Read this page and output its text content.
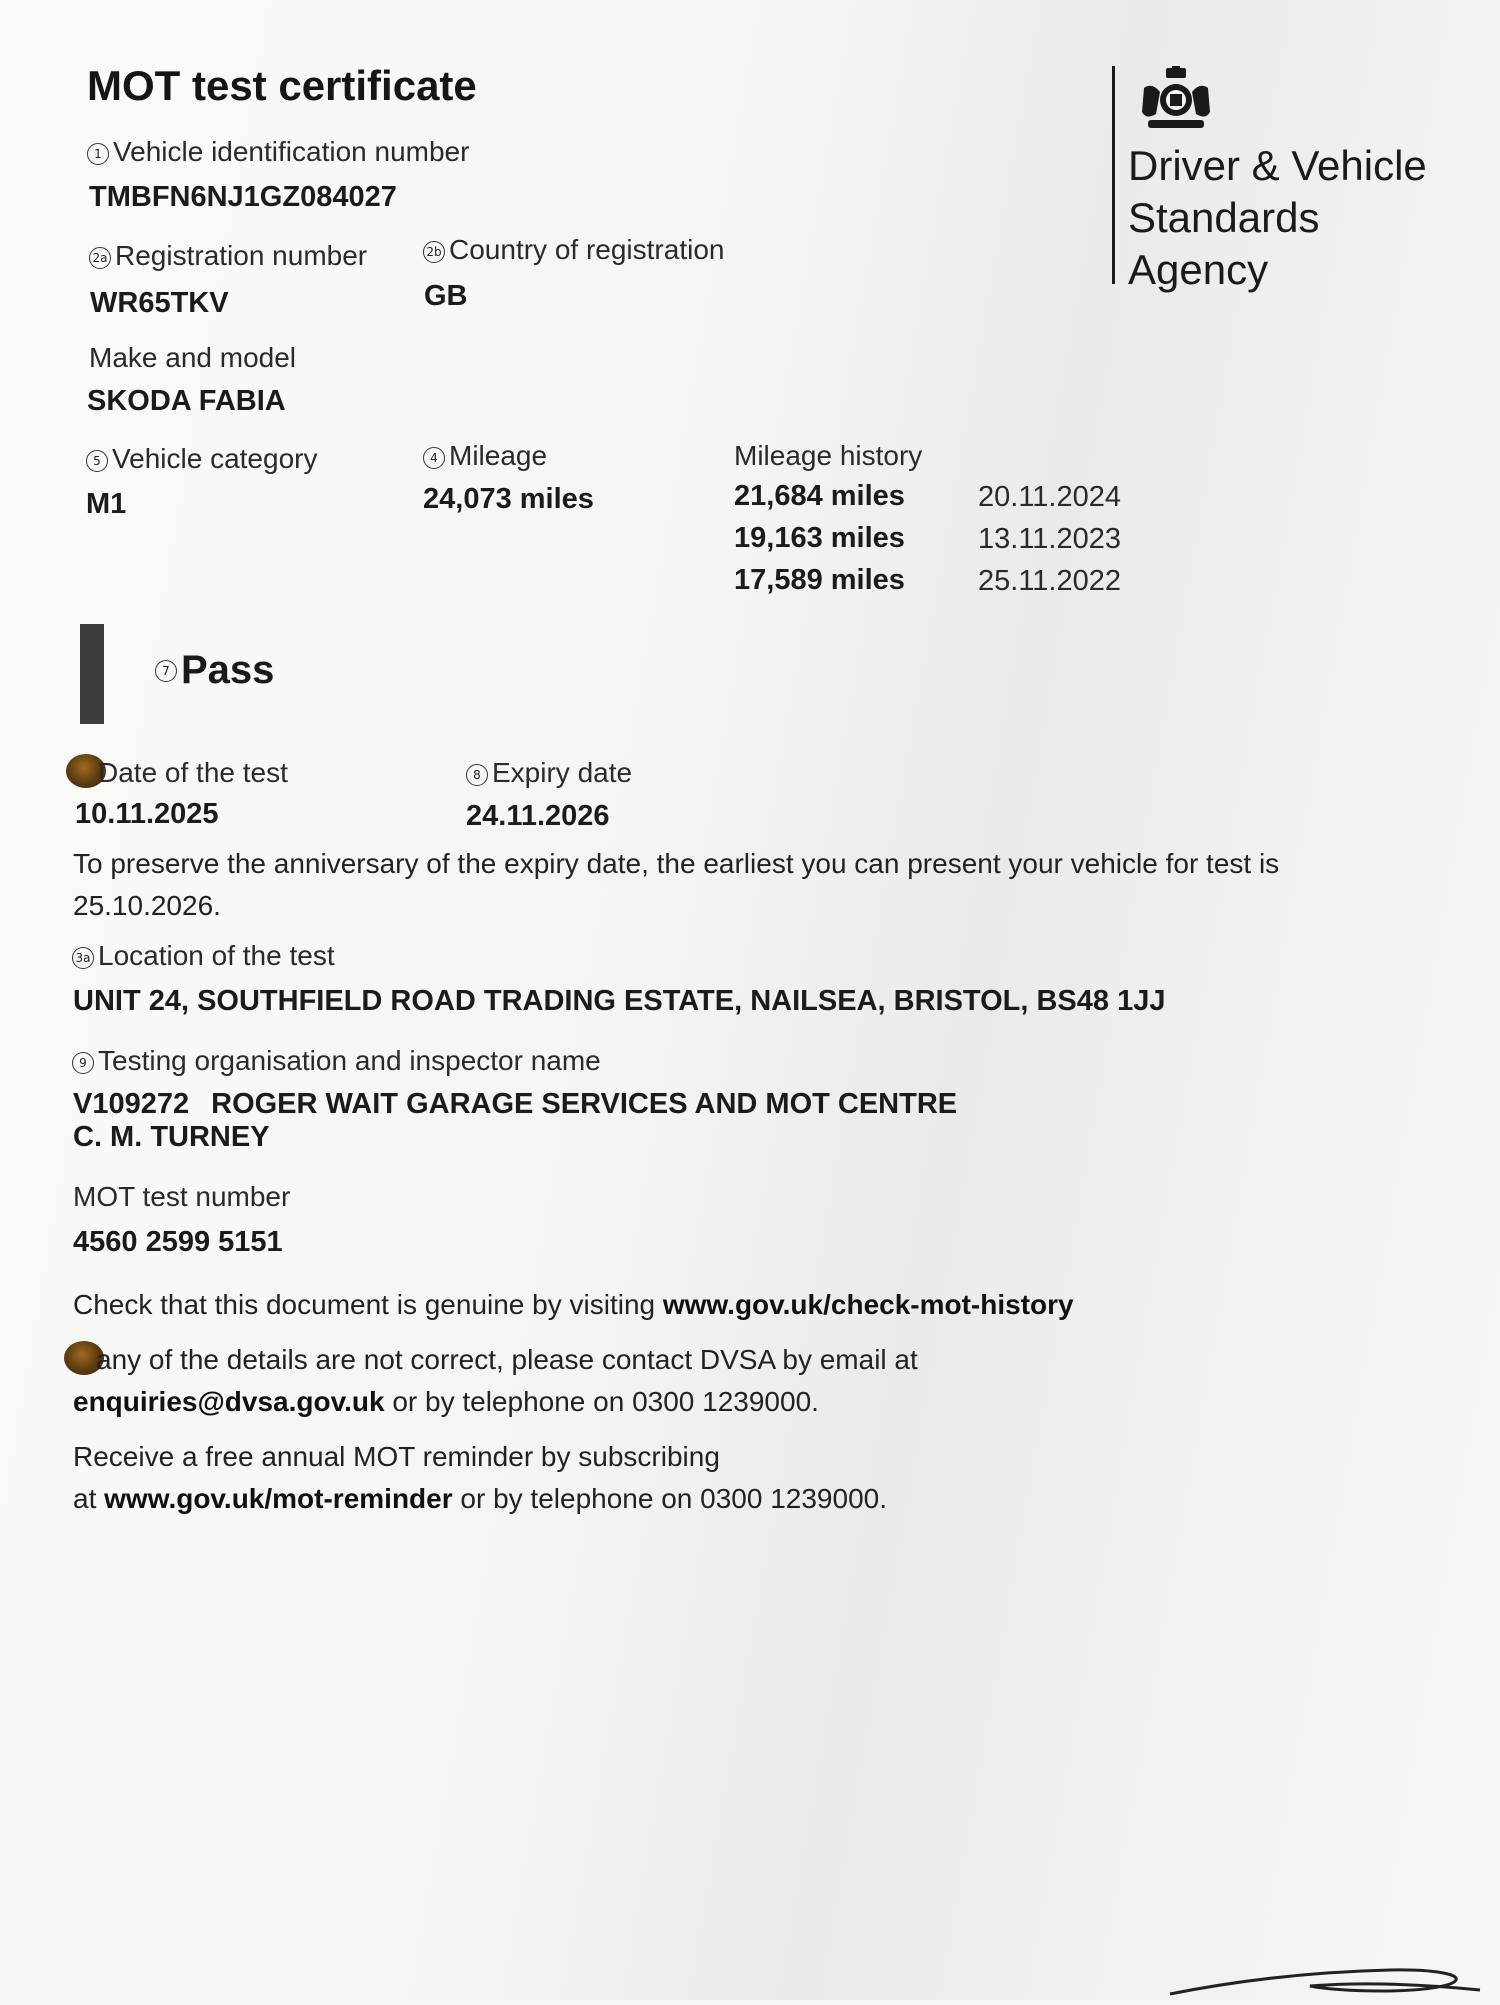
MOT test certificate
Driver & Vehicle
Standards
Agency
1 Vehicle identification number
TMBFN6NJ1GZ084027
2a Registration number
WR65TKV
2b Country of registration
GB
Make and model
SKODA FABIA
5 Vehicle category
M1
4 Mileage
24,073 miles
Mileage history
21,684 miles	20.11.2024
19,163 miles	13.11.2023
17,589 miles	25.11.2022
7 Pass
Date of the test
10.11.2025
8 Expiry date
24.11.2026
To preserve the anniversary of the expiry date, the earliest you can present your vehicle for test is
25.10.2026.
3a Location of the test
UNIT 24, SOUTHFIELD ROAD TRADING ESTATE, NAILSEA, BRISTOL, BS48 1JJ
9 Testing organisation and inspector name
V109272 ROGER WAIT GARAGE SERVICES AND MOT CENTRE
C. M. TURNEY
MOT test number
4560 2599 5151
Check that this document is genuine by visiting www.gov.uk/check-mot-history
any of the details are not correct, please contact DVSA by email at
enquiries@dvsa.gov.uk or by telephone on 0300 1239000.
Receive a free annual MOT reminder by subscribing
at www.gov.uk/mot-reminder or by telephone on 0300 1239000.
